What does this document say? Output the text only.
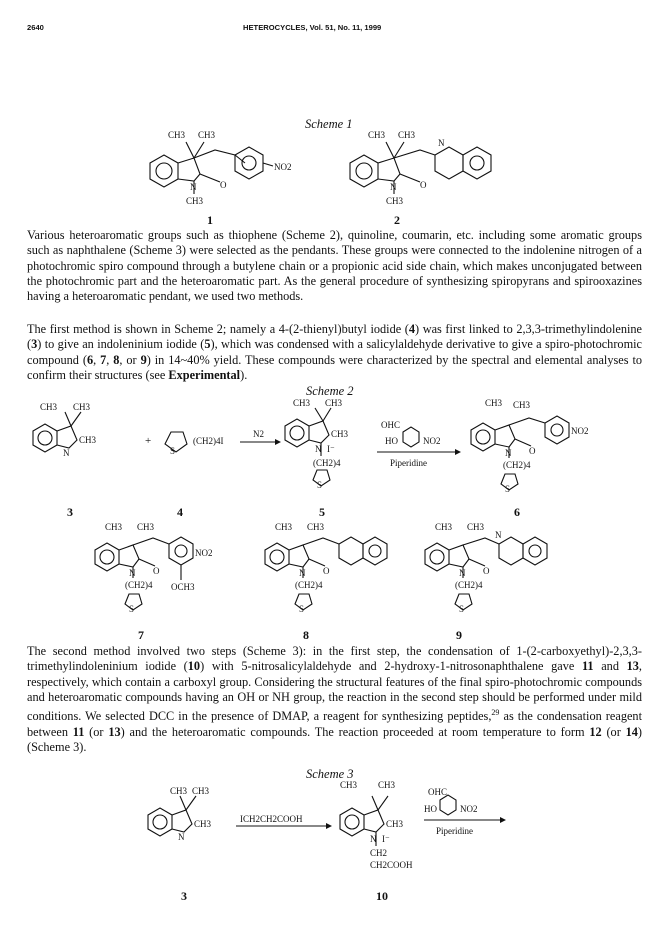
2640	HETEROCYCLES, Vol. 51, No. 11, 1999
Scheme 1
CH3 CH3
N	O
NO2
CH3
CH3 CH3
N
N	O
CH3
1	2
Various heteroaromatic groups such as thiophene (Scheme 2), quinoline, coumarin, etc. including some aromatic groups such as naphthalene (Scheme 3) were selected as the pendants. These groups were connected to the indolenine nitrogen of a photochromic spiro compound through a butylene chain or a propionic acid side chain, which makes unconjugated between the photochromic part and the heteroaromatic part. As the general procedure of synthesizing spiropyrans and spirooxazines having a heteroaromatic pendant, we used two methods.
The first method is shown in Scheme 2; namely a 4-(2-thienyl)butyl iodide (4) was first linked to 2,3,3-trimethylindolenine (3) to give an indoleninium iodide (5), which was condensed with a salicylaldehyde derivative to give a spiro-photochromic compound (6, 7, 8, or 9) in 14~40% yield. These compounds were characterized by the spectral and elemental analyses to confirm their structures (see Experimental).
Scheme 2
CH3 CH3
CH3
N
+
S
(CH2)4I
N2
CH3 CH3
CH3
N I⁻
(CH2)4
S
OHC
HO	NO2
Piperidine
CH3 CH3
N O
NO2
(CH2)4
S
3	4	5	6
CH3 CH3
N O
NO2
(CH2)4 OCH3
S
CH3 CH3
N O
(CH2)4
S
CH3 CH3
N
N O
(CH2)4
S
7	8	9
The second method involved two steps (Scheme 3): in the first step, the condensation of 1-(2-carboxyethyl)-2,3,3-trimethylindoleninium iodide (10) with 5-nitrosalicylaldehyde and 2-hydroxy-1-nitrosonaphthalene gave 11 and 13, respectively, which contain a carboxyl group. Considering the structural features of the final spiro-photochromic compounds and heteroaromatic compounds having an OH or NH group, the reaction in the second step should be performed under mild conditions. We selected DCC in the presence of DMAP, a reagent for synthesizing peptides,$^{29}$ as the condensation reagent between 11 (or 13) and the heteroaromatic compounds. The reaction proceeded at room temperature to form 12 (or 14) (Scheme 3).
Scheme 3
CH3 CH3
CH3
N
ICH2CH2COOH
CH3 CH3
CH3
N I⁻
CH2
CH2COOH
OHC
HO	NO2
Piperidine
3	10
